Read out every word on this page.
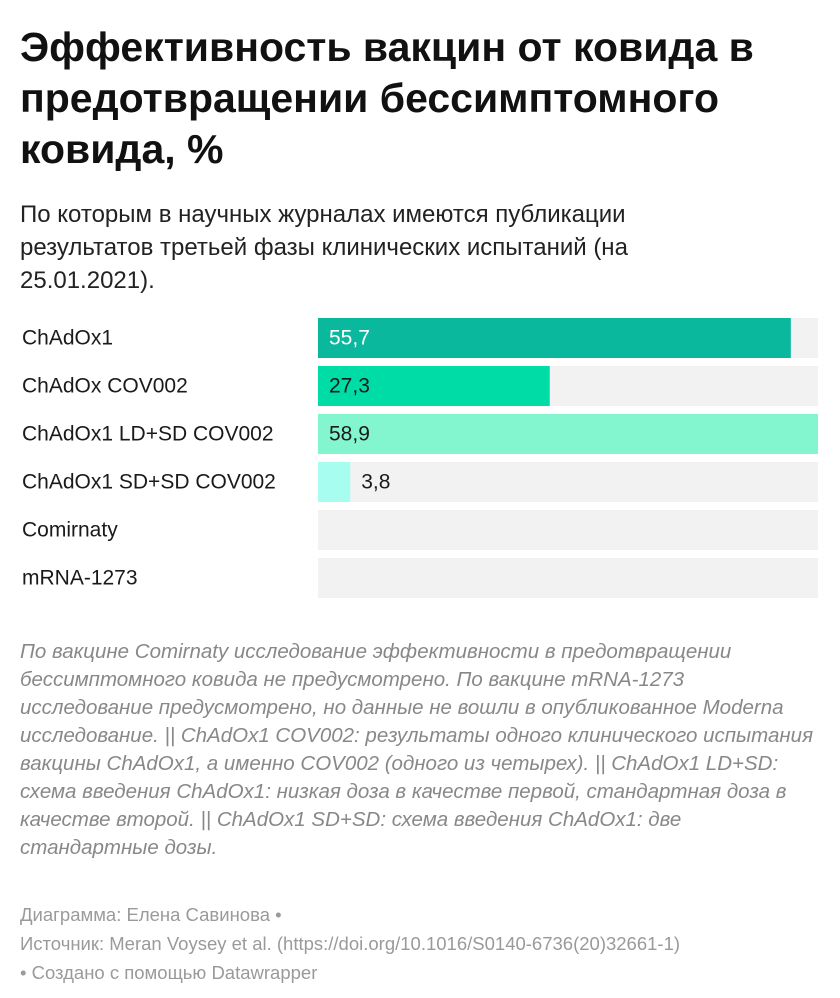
Эффективность вакцин от ковида в предотвращении бессимптомного ковида, %

По которым в научных журналах имеются публикации результатов третьей фазы клинических испытаний (на 25.01.2021).

ChAdOx1	55,7
ChAdOx COV002	27,3
ChAdOx1 LD+SD COV002	58,9
ChAdOx1 SD+SD COV002	3,8
Comirnaty
mRNA-1273

По вакцине Comirnaty исследование эффективности в предотвращении бессимптомного ковида не предусмотрено. По вакцине mRNA-1273 исследование предусмотрено, но данные не вошли в опубликованное Moderna исследование. || ChAdOx1 COV002: результаты одного клинического испытания вакцины ChAdOx1, а именно COV002 (одного из четырех). || ChAdOx1 LD+SD: схема введения ChAdOx1: низкая доза в качестве первой, стандартная доза в качестве второй. || ChAdOx1 SD+SD: схема введения ChAdOx1: две стандартные дозы.

Диаграмма: Елена Савинова •
Источник: Meran Voysey et al. (https://doi.org/10.1016/S0140-6736(20)32661-1)
• Создано с помощью Datawrapper
